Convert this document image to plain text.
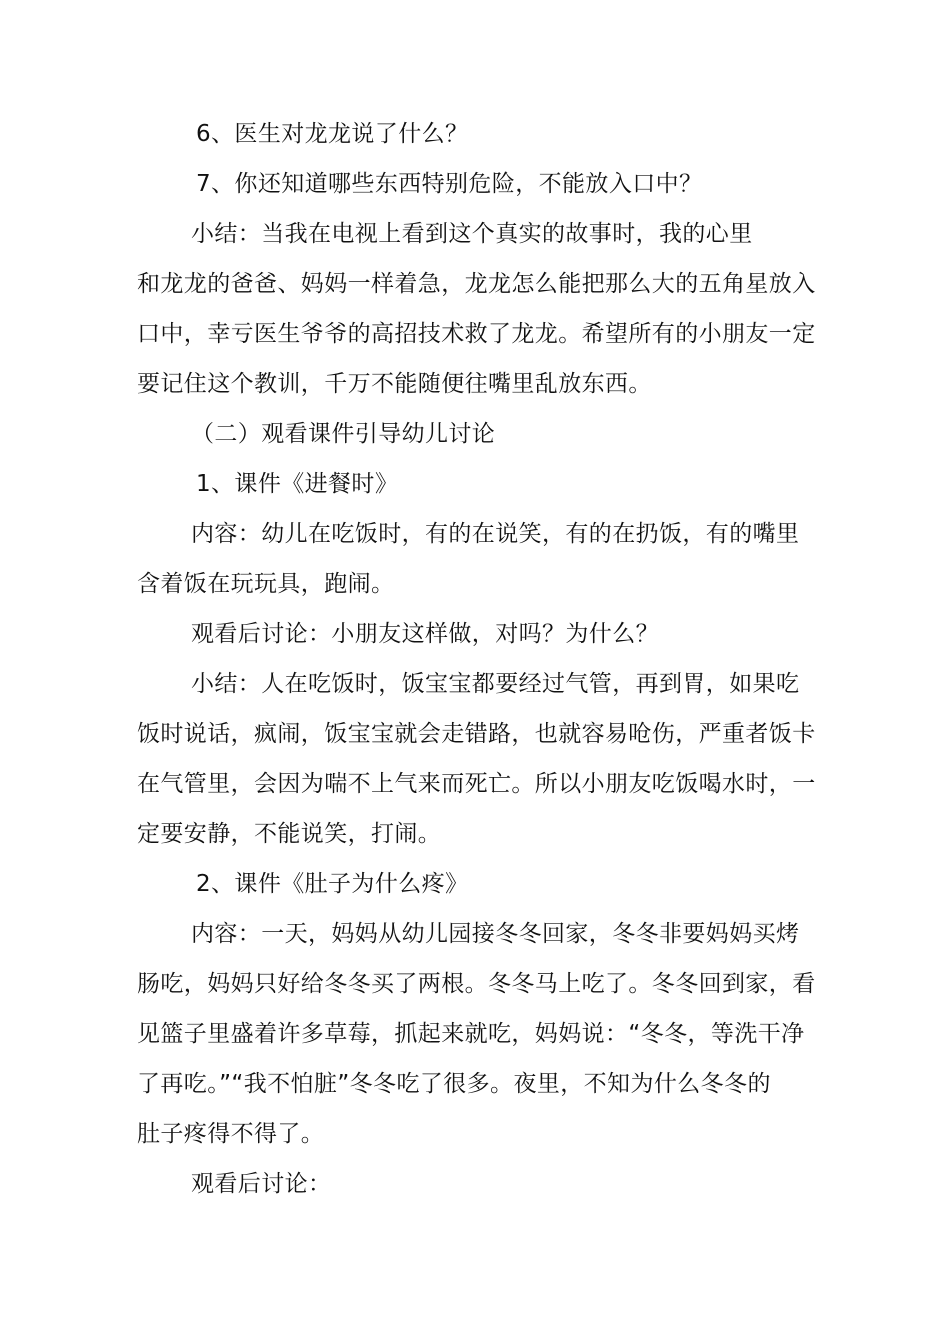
6、医生对龙龙说了什么？
7、你还知道哪些东西特别危险，不能放入口中？
小结：当我在电视上看到这个真实的故事时，我的心里
和龙龙的爸爸、妈妈一样着急，龙龙怎么能把那么大的五角星放入
口中，幸亏医生爷爷的高招技术救了龙龙。希望所有的小朋友一定
要记住这个教训，千万不能随便往嘴里乱放东西。
（二）观看课件引导幼儿讨论
1、课件《进餐时》
内容：幼儿在吃饭时，有的在说笑，有的在扔饭，有的嘴里
含着饭在玩玩具，跑闹。
观看后讨论：小朋友这样做，对吗？为什么？
小结：人在吃饭时，饭宝宝都要经过气管，再到胃，如果吃
饭时说话，疯闹，饭宝宝就会走错路，也就容易呛伤，严重者饭卡
在气管里，会因为喘不上气来而死亡。所以小朋友吃饭喝水时，一
定要安静，不能说笑，打闹。
2、课件《肚子为什么疼》
内容：一天，妈妈从幼儿园接冬冬回家，冬冬非要妈妈买烤
肠吃，妈妈只好给冬冬买了两根。冬冬马上吃了。冬冬回到家，看
见篮子里盛着许多草莓，抓起来就吃，妈妈说：“冬冬，等洗干净
了再吃。”“我不怕脏”冬冬吃了很多。夜里，不知为什么冬冬的
肚子疼得不得了。
观看后讨论：
